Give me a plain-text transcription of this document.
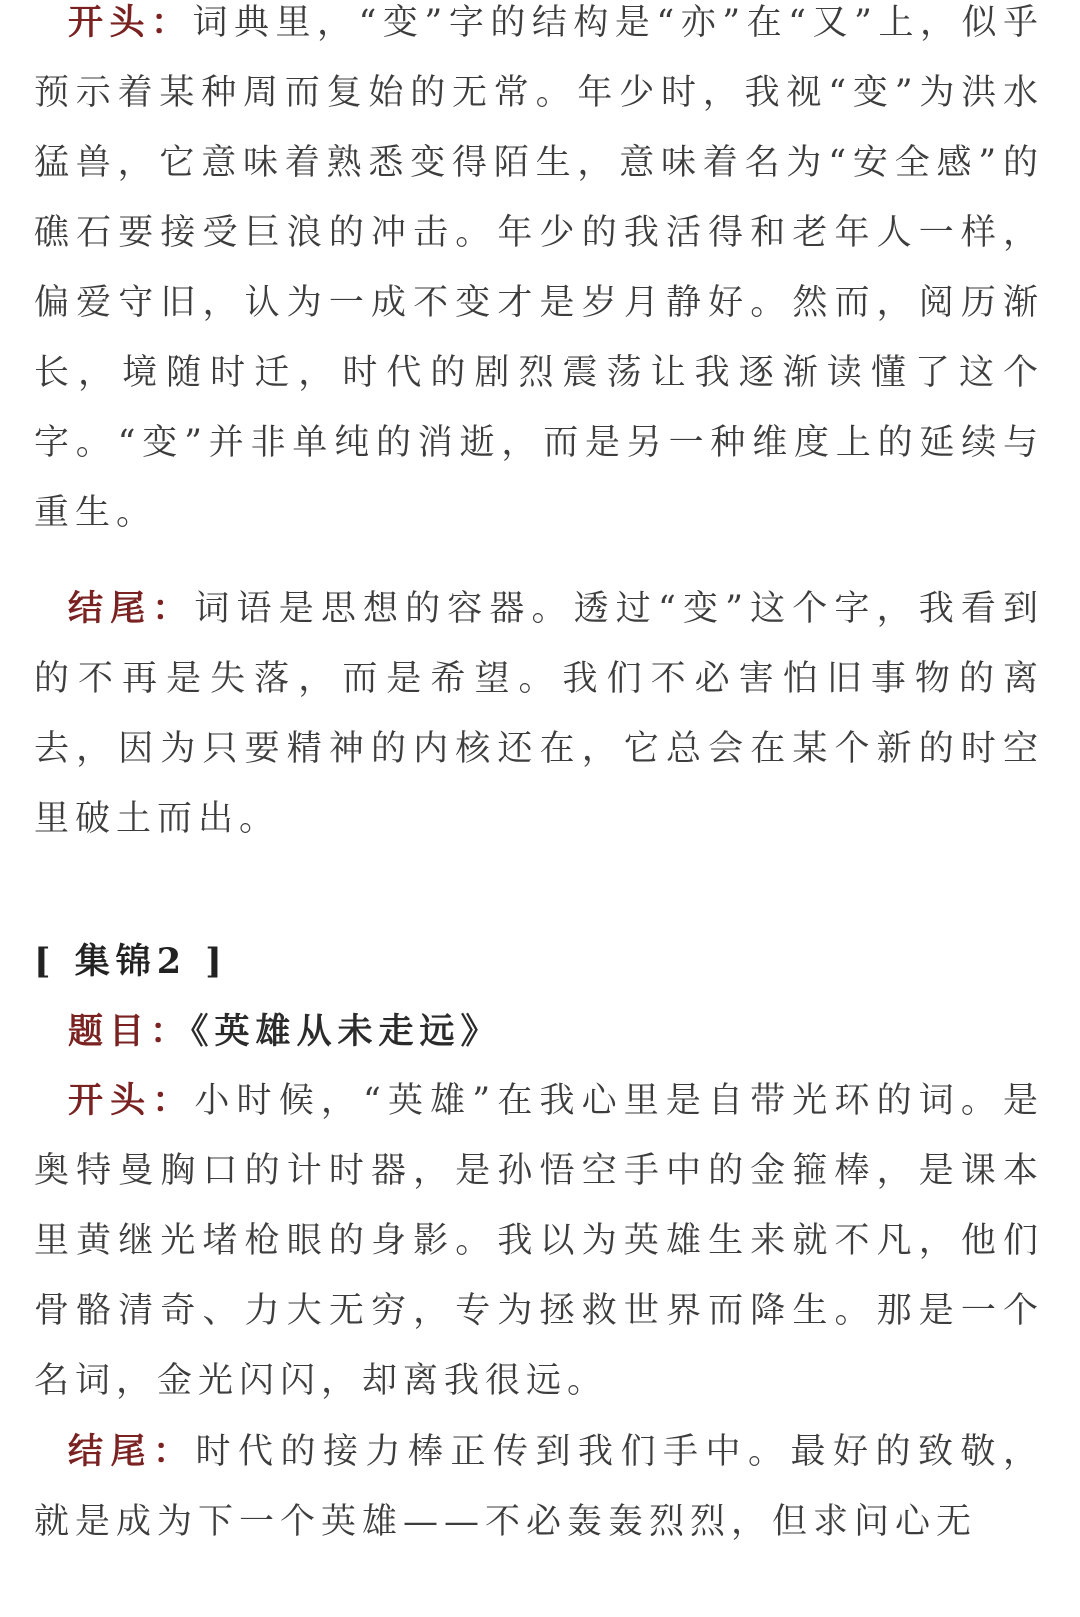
开头：词典里，“变”字的结构是“亦”在“又”上，似乎预示着某种周而复始的无常。年少时，我视“变”为洪水猛兽，它意味着熟悉变得陌生，意味着名为“安全感”的礁石要接受巨浪的冲击。年少的我活得和老年人一样，偏爱守旧，认为一成不变才是岁月静好。然而，阅历渐长，境随时迁，时代的剧烈震荡让我逐渐读懂了这个字。“变”并非单纯的消逝，而是另一种维度上的延续与重生。

结尾：词语是思想的容器。透过“变”这个字，我看到的不再是失落，而是希望。我们不必害怕旧事物的离去，因为只要精神的内核还在，它总会在某个新的时空里破土而出。

[ 集锦2 ]
题目：《英雄从未走远》

开头：小时候，“英雄”在我心里是自带光环的词。是奥特曼胸口的计时器，是孙悟空手中的金箍棒，是课本里黄继光堵枪眼的身影。我以为英雄生来就不凡，他们骨骼清奇、力大无穷，专为拯救世界而降生。那是一个名词，金光闪闪，却离我很远。

结尾：时代的接力棒正传到我们手中。最好的致敬，就是成为下一个英雄——不必轰轰烈烈，但求问心无
